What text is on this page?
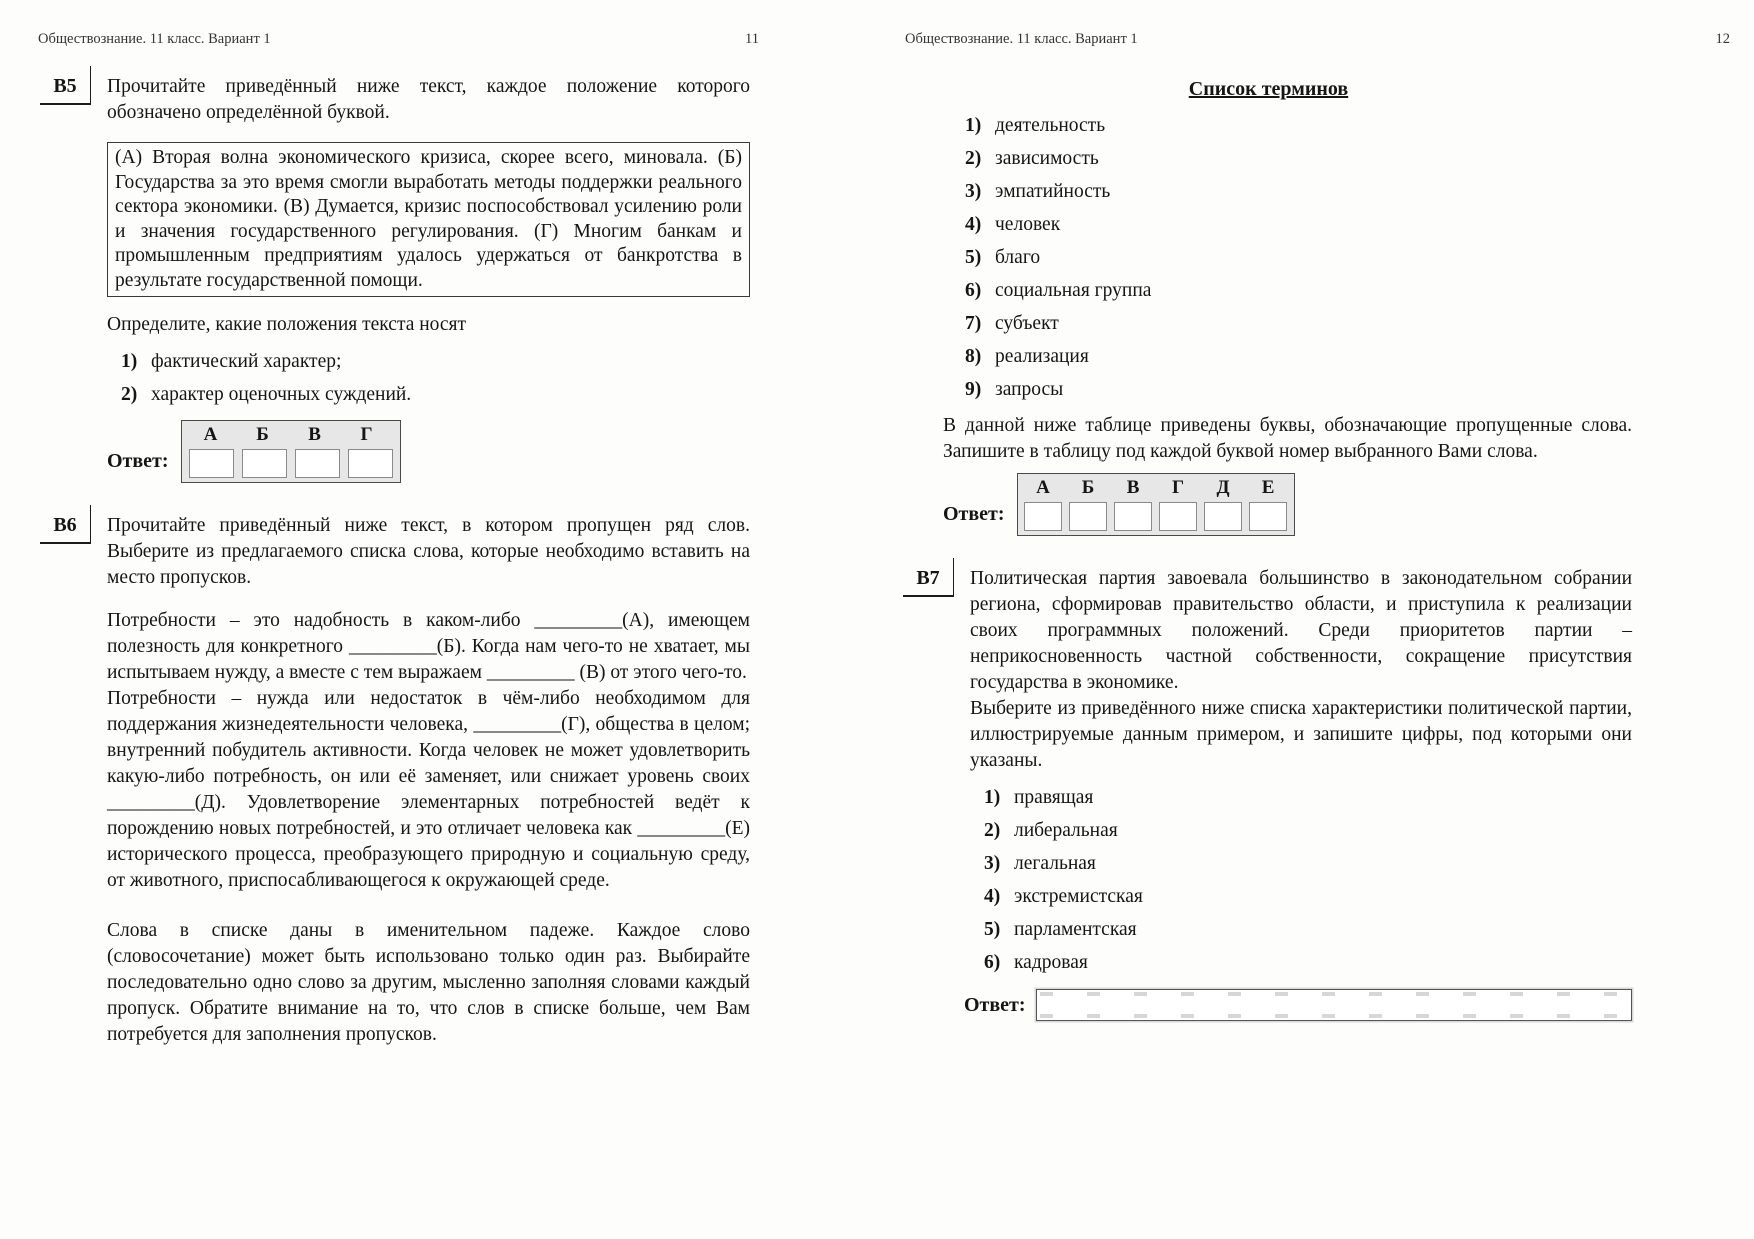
Обществознание. 11 класс. Вариант 1	11
В5	Прочитайте приведённый ниже текст, каждое положение которого обозначено определённой буквой.
(А) Вторая волна экономического кризиса, скорее всего, миновала. (Б) Государства за это время смогли выработать методы поддержки реального сектора экономики. (В) Думается, кризис поспособствовал усилению роли и значения государственного регулирования. (Г) Многим банкам и промышленным предприятиям удалось удержаться от банкротства в результате государственной помощи.
Определите, какие положения текста носят
1) фактический характер;
2) характер оценочных суждений.
Ответ:
А	Б	В	Г
В6	Прочитайте приведённый ниже текст, в котором пропущен ряд слов. Выберите из предлагаемого списка слова, которые необходимо вставить на место пропусков.
Потребности – это надобность в каком-либо _________(А), имеющем полезность для конкретного _________(Б). Когда нам чего-то не хватает, мы испытываем нужду, а вместе с тем выражаем _________ (В) от этого чего-то.
Потребности – нужда или недостаток в чём-либо необходимом для поддержания жизнедеятельности человека, _________(Г), общества в целом; внутренний побудитель активности. Когда человек не может удовлетворить какую-либо потребность, он или её заменяет, или снижает уровень своих _________(Д). Удовлетворение элементарных потребностей ведёт к порождению новых потребностей, и это отличает человека как _________(Е) исторического процесса, преобразующего природную и социальную среду, от животного, приспосабливающегося к окружающей среде.
Слова в списке даны в именительном падеже. Каждое слово (словосочетание) может быть использовано только один раз. Выбирайте последовательно одно слово за другим, мысленно заполняя словами каждый пропуск. Обратите внимание на то, что слов в списке больше, чем Вам потребуется для заполнения пропусков.
Обществознание. 11 класс. Вариант 1	12
Список терминов
1) деятельность
2) зависимость
3) эмпатийность
4) человек
5) благо
6) социальная группа
7) субъект
8) реализация
9) запросы
В данной ниже таблице приведены буквы, обозначающие пропущенные слова. Запишите в таблицу под каждой буквой номер выбранного Вами слова.
Ответ:
А	Б	В	Г	Д	Е
В7	Политическая партия завоевала большинство в законодательном собрании региона, сформировав правительство области, и приступила к реализации своих программных положений. Среди приоритетов партии – неприкосновенность частной собственности, сокращение присутствия государства в экономике.
Выберите из приведённого ниже списка характеристики политической партии, иллюстрируемые данным примером, и запишите цифры, под которыми они указаны.
1) правящая
2) либеральная
3) легальная
4) экстремистская
5) парламентская
6) кадровая
Ответ:
